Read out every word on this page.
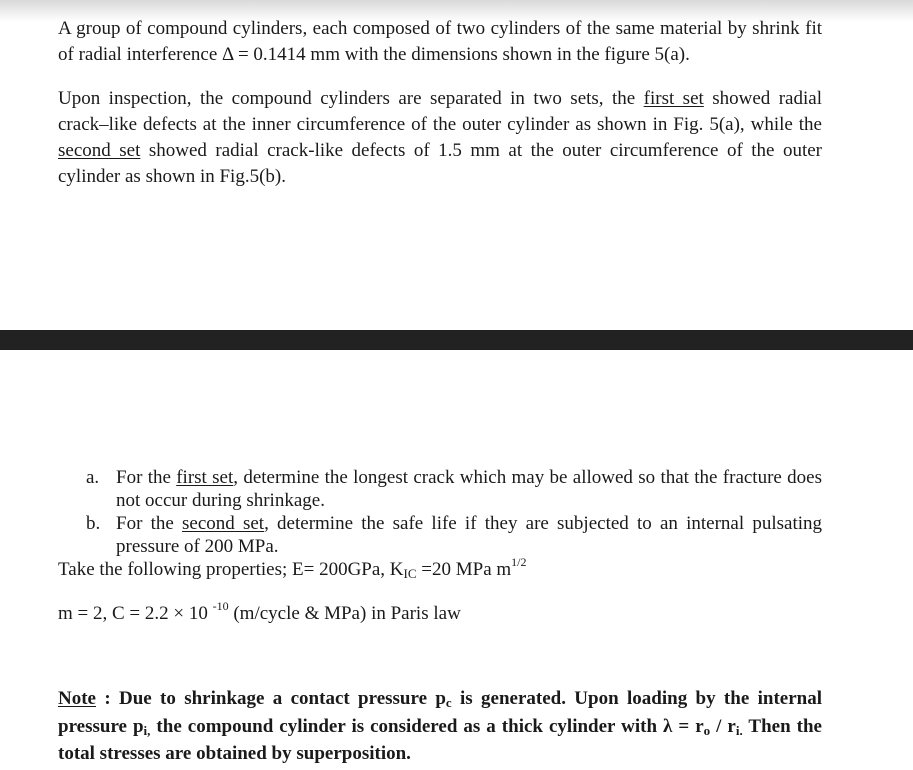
A group of compound cylinders, each composed of two cylinders of the same material by shrink fit of radial interference Δ = 0.1414 mm with the dimensions shown in the figure 5(a).
Upon inspection, the compound cylinders are separated in two sets, the first set showed radial crack–like defects at the inner circumference of the outer cylinder as shown in Fig. 5(a), while the second set showed radial crack-like defects of 1.5 mm at the outer circumference of the outer cylinder as shown in Fig.5(b).
a. For the first set, determine the longest crack which may be allowed so that the fracture does not occur during shrinkage.
b. For the second set, determine the safe life if they are subjected to an internal pulsating pressure of 200 MPa.
Take the following properties; E= 200GPa, $K_{IC} =20$ MPa $m^{1/2}$
m = 2, C = 2.2 × 10 $^{-10}$ (m/cycle & MPa) in Paris law
Note : Due to shrinkage a contact pressure $p_c$ is generated. Upon loading by the internal pressure $p_{i,}$ the compound cylinder is considered as a thick cylinder with $\lambda = r_o / r_{i.}$ Then the total stresses are obtained by superposition.
